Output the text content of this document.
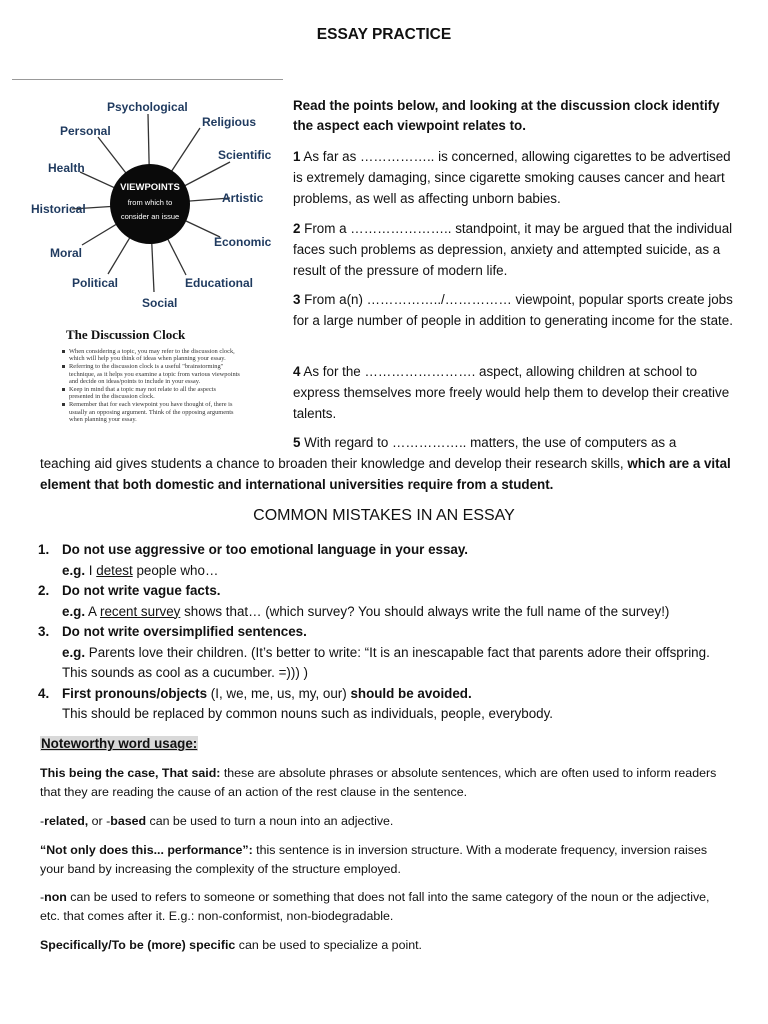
ESSAY PRACTICE
VIEWPOINTS
from which to
consider an issue
Psychological
Religious
Personal
Scientific
Health
Artistic
Historical
Economic
Moral
Political	Educational
Social
The Discussion Clock
When considering a topic, you may refer to the discussion clock, which will help you think of ideas when planning your essay.
Referring to the discussion clock is a useful "brainstorming" technique, as it helps you examine a topic from various viewpoints and decide on ideas/points to include in your essay.
Keep in mind that a topic may not relate to all the aspects presented in the discussion clock.
Remember that for each viewpoint you have thought of, there is usually an opposing argument. Think of the opposing arguments when planning your essay.
Read the points below, and looking at the discussion clock identify the aspect each viewpoint relates to.
1 As far as …………….. is concerned, allowing cigarettes to be advertised is extremely damaging, since cigarette smoking causes cancer and heart problems, as well as affecting unborn babies.
2 From a ………………….. standpoint, it may be argued that the individual faces such problems as depression, anxiety and attempted suicide, as a result of the pressure of modern life.
3 From a(n) ……………../…………… viewpoint, popular sports create jobs for a large number of people in addition to generating income for the state.
4 As for the ……………………. aspect, allowing children at school to express themselves more freely would help them to develop their creative talents.
5 With regard to …………….. matters, the use of computers as a
teaching aid gives students a chance to broaden their knowledge and develop their research skills, which are a vital element that both domestic and international universities require from a student.
COMMON MISTAKES IN AN ESSAY
1. Do not use aggressive or too emotional language in your essay.
e.g. I detest people who…
2. Do not write vague facts.
e.g. A recent survey shows that… (which survey? You should always write the full name of the survey!)
3. Do not write oversimplified sentences.
e.g. Parents love their children. (It’s better to write: “It is an inescapable fact that parents adore their offspring. This sounds as cool as a cucumber. =))) )
4. First pronouns/objects (I, we, me, us, my, our) should be avoided.
This should be replaced by common nouns such as individuals, people, everybody.
Noteworthy word usage:
This being the case, That said: these are absolute phrases or absolute sentences, which are often used to inform readers that they are reading the cause of an action of the rest clause in the sentence.
-related, or -based can be used to turn a noun into an adjective.
“Not only does this... performance”: this sentence is in inversion structure. With a moderate frequency, inversion raises your band by increasing the complexity of the structure employed.
-non can be used to refers to someone or something that does not fall into the same category of the noun or the adjective, etc. that comes after it. E.g.: non-conformist, non-biodegradable.
Specifically/To be (more) specific can be used to specialize a point.
